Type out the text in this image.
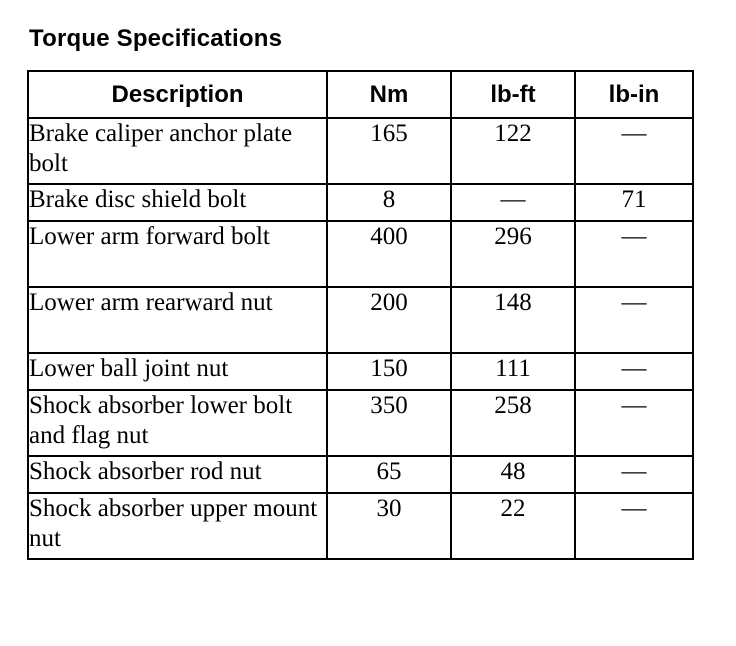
Torque Specifications
Description	Nm	lb-ft	lb-in
Brake caliper anchor plate bolt	165	122	—
Brake disc shield bolt	8	—	71
Lower arm forward bolt	400	296	—
Lower arm rearward nut	200	148	—
Lower ball joint nut	150	111	—
Shock absorber lower bolt and flag nut	350	258	—
Shock absorber rod nut	65	48	—
Shock absorber upper mount nut	30	22	—
